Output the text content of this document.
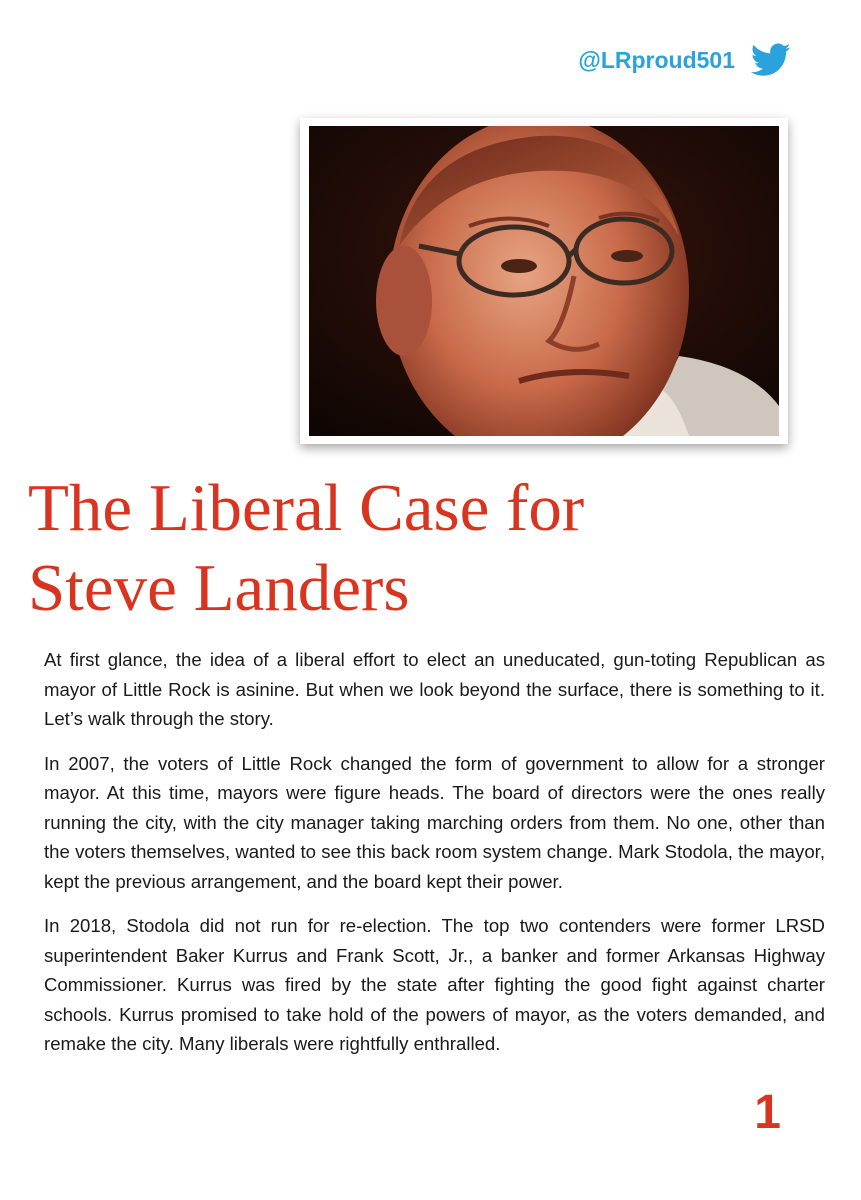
@LRproud501
The Liberal Case for
Steve Landers

At first glance, the idea of a liberal effort to elect an uneducated, gun-toting Republican as mayor of Little Rock is asinine. But when we look beyond the surface, there is something to it. Let’s walk through the story.

In 2007, the voters of Little Rock changed the form of government to allow for a stronger mayor. At this time, mayors were figure heads. The board of directors were the ones really running the city, with the city manager taking marching orders from them. No one, other than the voters themselves, wanted to see this back room system change. Mark Stodola, the mayor, kept the previous arrangement, and the board kept their power.

In 2018, Stodola did not run for re-election. The top two contenders were former LRSD superintendent Baker Kurrus and Frank Scott, Jr., a banker and former Arkansas Highway Commissioner. Kurrus was fired by the state after fighting the good fight against charter schools. Kurrus promised to take hold of the powers of mayor, as the voters demanded, and remake the city. Many liberals were rightfully enthralled.

1
